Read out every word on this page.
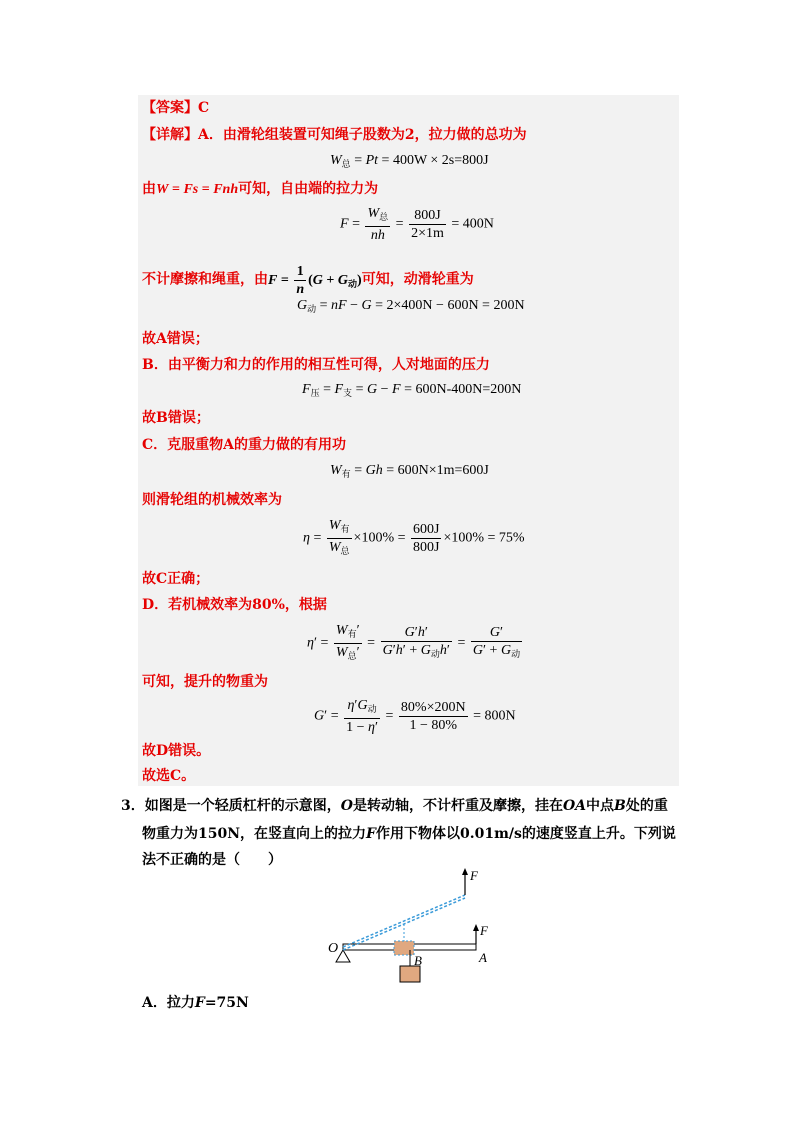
【答案】C
【详解】A．由滑轮组装置可知绳子股数为2，拉力做的总功为
$W_总 = Pt = 400W \times 2s=800J$
由W = Fs = Fnh可知，自由端的拉力为
$F = \frac{W_总}{nh} = \frac{800J}{2\times 1m} = 400N$
不计摩擦和绳重，由$F = \frac{1}{n} (G + G_动)$可知，动滑轮重为
$G_动$ = nF − G = 2×400N − 600N = 200N
故A错误；
B．由平衡力和力的作用的相互性可得，人对地面的压力
$F_压 = F_支 = G - F = 600N-400N=200N$
故B错误；
C．克服重物A的重力做的有用功
$W_有 = Gh = 600N\times 1m=600J$
则滑轮组的机械效率为
$\eta = \frac{W_有}{W_总} \times 100\% = \frac{600J}{800J} \times 100\% = 75\%$
故C正确；
D．若机械效率为80%，根据
$\eta' = \frac{W_有'}{W_总'} = \frac{G'h'}{G'h' + G_动h'} = \frac{G'}{G' + G_动}$
可知，提升的物重为
$G' = \frac{\eta'G_动}{1 - \eta'} = \frac{80\%\times 200N}{1 - 80\%} = 800N$
故D错误。
故选C。
3．如图是一个轻质杠杆的示意图，O是转动轴，不计杆重及摩擦，挂在OA中点B处的重
物重力为150N，在竖直向上的拉力F作用下物体以0.01m/s的速度竖直上升。下列说
法不正确的是（　　）
O
A
B
F
F
A．拉力F=75N
